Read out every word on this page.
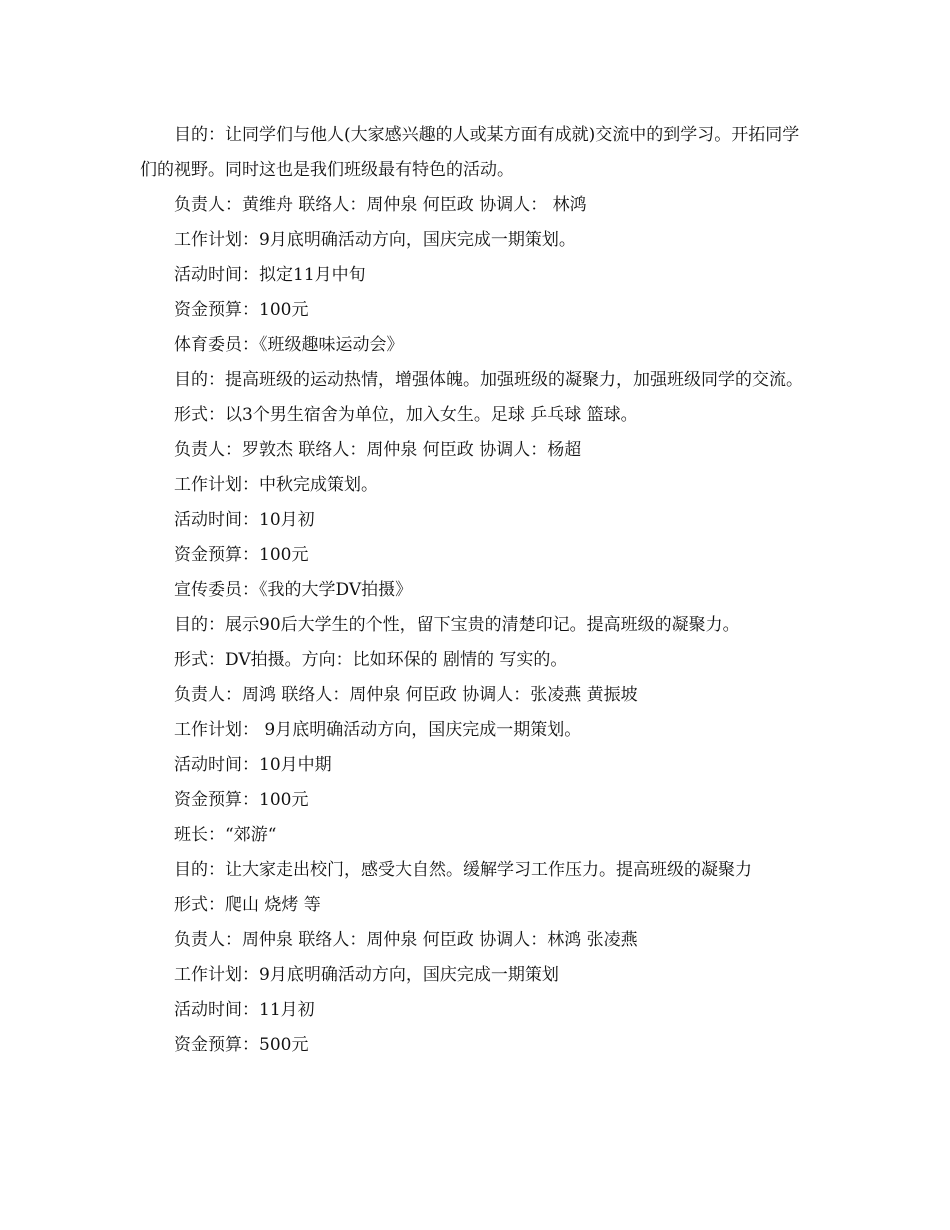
目的：让同学们与他人(大家感兴趣的人或某方面有成就)交流中的到学习。开拓同学们的视野。同时这也是我们班级最有特色的活动。

负责人：黄维舟 联络人：周仲泉 何臣政 协调人： 林鸿

工作计划：9月底明确活动方向，国庆完成一期策划。

活动时间：拟定11月中旬

资金预算：100元

体育委员：《班级趣味运动会》

目的：提高班级的运动热情，增强体魄。加强班级的凝聚力，加强班级同学的交流。

形式：以3个男生宿舍为单位，加入女生。足球 乒乓球 篮球。

负责人：罗敦杰 联络人：周仲泉 何臣政 协调人：杨超

工作计划：中秋完成策划。

活动时间：10月初

资金预算：100元

宣传委员：《我的大学DV拍摄》

目的：展示90后大学生的个性，留下宝贵的清楚印记。提高班级的凝聚力。

形式：DV拍摄。方向：比如环保的 剧情的 写实的。

负责人：周鸿 联络人：周仲泉 何臣政 协调人：张凌燕 黄振坡

工作计划： 9月底明确活动方向，国庆完成一期策划。

活动时间：10月中期

资金预算：100元

班长：“郊游“

目的：让大家走出校门，感受大自然。缓解学习工作压力。提高班级的凝聚力

形式：爬山 烧烤 等

负责人：周仲泉 联络人：周仲泉 何臣政 协调人：林鸿 张凌燕

工作计划：9月底明确活动方向，国庆完成一期策划

活动时间：11月初

资金预算：500元
